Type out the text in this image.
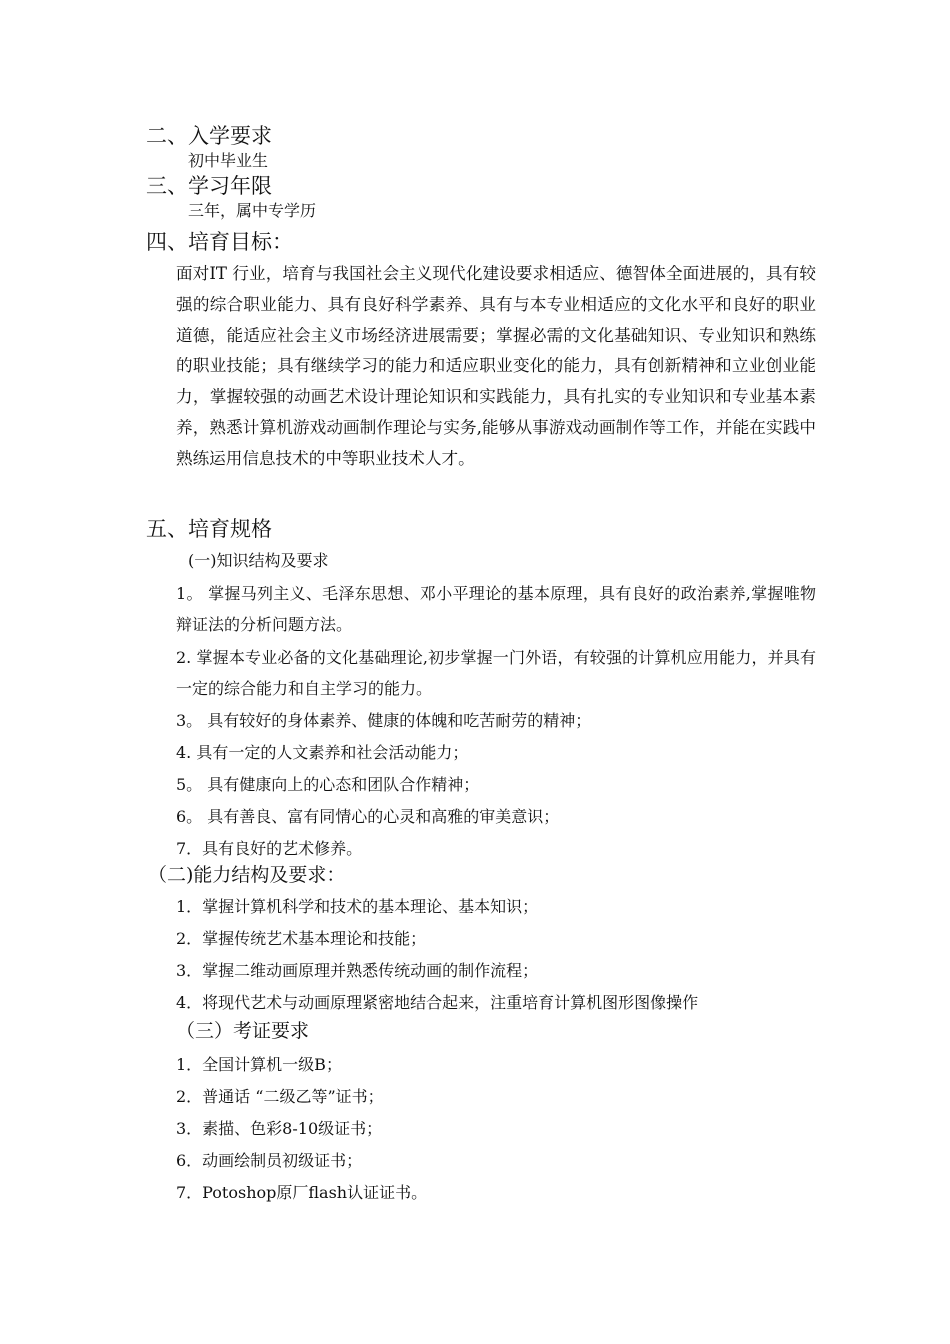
二、入学要求
初中毕业生
三、学习年限
三年，属中专学历
四、培育目标：
面对IT 行业，培育与我国社会主义现代化建设要求相适应、德智体全面进展的，具有较强的综合职业能力、具有良好科学素养、具有与本专业相适应的文化水平和良好的职业道德，能适应社会主义市场经济进展需要；掌握必需的文化基础知识、专业知识和熟练的职业技能；具有继续学习的能力和适应职业变化的能力，具有创新精神和立业创业能力，掌握较强的动画艺术设计理论知识和实践能力，具有扎实的专业知识和专业基本素养，熟悉计算机游戏动画制作理论与实务,能够从事游戏动画制作等工作，并能在实践中熟练运用信息技术的中等职业技术人才。
五、培育规格
(一)知识结构及要求
1。 掌握马列主义、毛泽东思想、邓小平理论的基本原理，具有良好的政治素养,掌握唯物辩证法的分析问题方法。
2. 掌握本专业必备的文化基础理论,初步掌握一门外语，有较强的计算机应用能力，并具有一定的综合能力和自主学习的能力。
3。 具有较好的身体素养、健康的体魄和吃苦耐劳的精神；
4. 具有一定的人文素养和社会活动能力；
5。 具有健康向上的心态和团队合作精神；
6。 具有善良、富有同情心的心灵和高雅的审美意识；
7．具有良好的艺术修养。
（二)能力结构及要求：
1．掌握计算机科学和技术的基本理论、基本知识；
2．掌握传统艺术基本理论和技能；
3．掌握二维动画原理并熟悉传统动画的制作流程；
4．将现代艺术与动画原理紧密地结合起来，注重培育计算机图形图像操作
（三）考证要求
1．全国计算机一级B；
2．普通话 “二级乙等”证书；
3．素描、色彩8-10级证书；
6．动画绘制员初级证书；
7．Potoshop原厂flash认证证书。
